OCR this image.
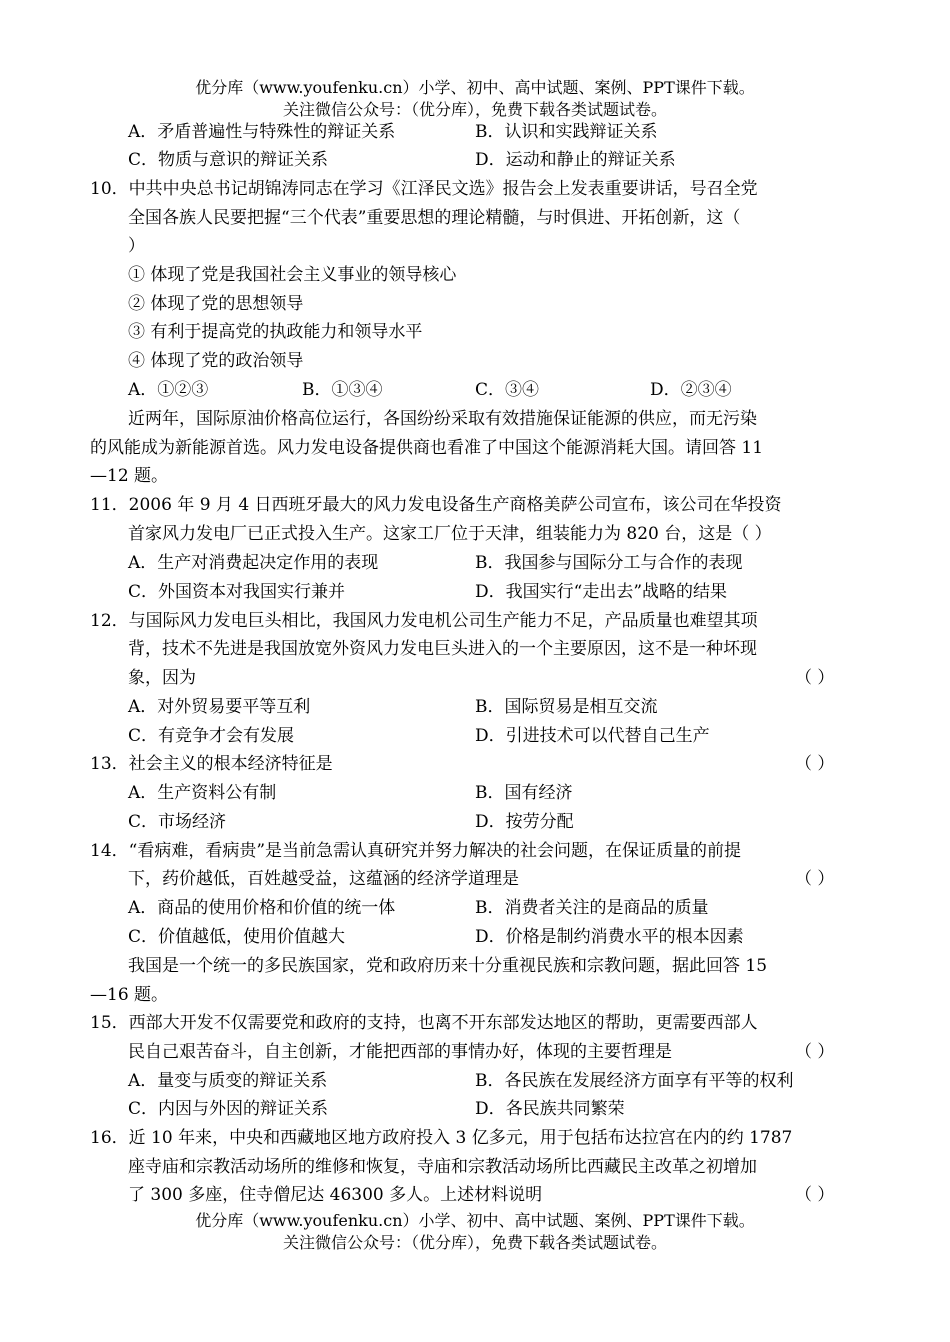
优分库（www.youfenku.cn）小学、初中、高中试题、案例、PPT课件下载。
关注微信公众号：（优分库），免费下载各类试题试卷。
A．矛盾普遍性与特殊性的辩证关系	B．认识和实践辩证关系
C．物质与意识的辩证关系	D．运动和静止的辩证关系
10．中共中央总书记胡锦涛同志在学习《江泽民文选》报告会上发表重要讲话，号召全党
全国各族人民要把握“三个代表”重要思想的理论精髓，与时俱进、开拓创新，这（
）
① 体现了党是我国社会主义事业的领导核心
② 体现了党的思想领导
③ 有利于提高党的执政能力和领导水平
④ 体现了党的政治领导
A．①②③	B．①③④	C．③④	D．②③④
近两年，国际原油价格高位运行，各国纷纷采取有效措施保证能源的供应，而无污染
的风能成为新能源首选。风力发电设备提供商也看准了中国这个能源消耗大国。请回答 11
—12 题。
11．2006 年 9 月 4 日西班牙最大的风力发电设备生产商格美萨公司宣布，该公司在华投资
首家风力发电厂已正式投入生产。这家工厂位于天津，组装能力为 820 台，这是（ ）
A．生产对消费起决定作用的表现	B．我国参与国际分工与合作的表现
C．外国资本对我国实行兼并	D．我国实行“走出去”战略的结果
12．与国际风力发电巨头相比，我国风力发电机公司生产能力不足，产品质量也难望其项
背，技术不先进是我国放宽外资风力发电巨头进入的一个主要原因，这不是一种坏现
象，因为	（ ）
A．对外贸易要平等互利	B．国际贸易是相互交流
C．有竞争才会有发展	D．引进技术可以代替自己生产
13．社会主义的根本经济特征是	（ ）
A．生产资料公有制	B．国有经济
C．市场经济	D．按劳分配
14．“看病难，看病贵”是当前急需认真研究并努力解决的社会问题，在保证质量的前提
下，药价越低，百姓越受益，这蕴涵的经济学道理是	（ ）
A．商品的使用价格和价值的统一体	B．消费者关注的是商品的质量
C．价值越低，使用价值越大	D．价格是制约消费水平的根本因素
我国是一个统一的多民族国家，党和政府历来十分重视民族和宗教问题，据此回答 15
—16 题。
15．西部大开发不仅需要党和政府的支持，也离不开东部发达地区的帮助，更需要西部人
民自己艰苦奋斗，自主创新，才能把西部的事情办好，体现的主要哲理是	（ ）
A．量变与质变的辩证关系	B．各民族在发展经济方面享有平等的权利
C．内因与外因的辩证关系	D．各民族共同繁荣
16．近 10 年来，中央和西藏地区地方政府投入 3 亿多元，用于包括布达拉宫在内的约 1787
座寺庙和宗教活动场所的维修和恢复，寺庙和宗教活动场所比西藏民主改革之初增加
了 300 多座，住寺僧尼达 46300 多人。上述材料说明	（ ）
优分库（www.youfenku.cn）小学、初中、高中试题、案例、PPT课件下载。
关注微信公众号：（优分库），免费下载各类试题试卷。
